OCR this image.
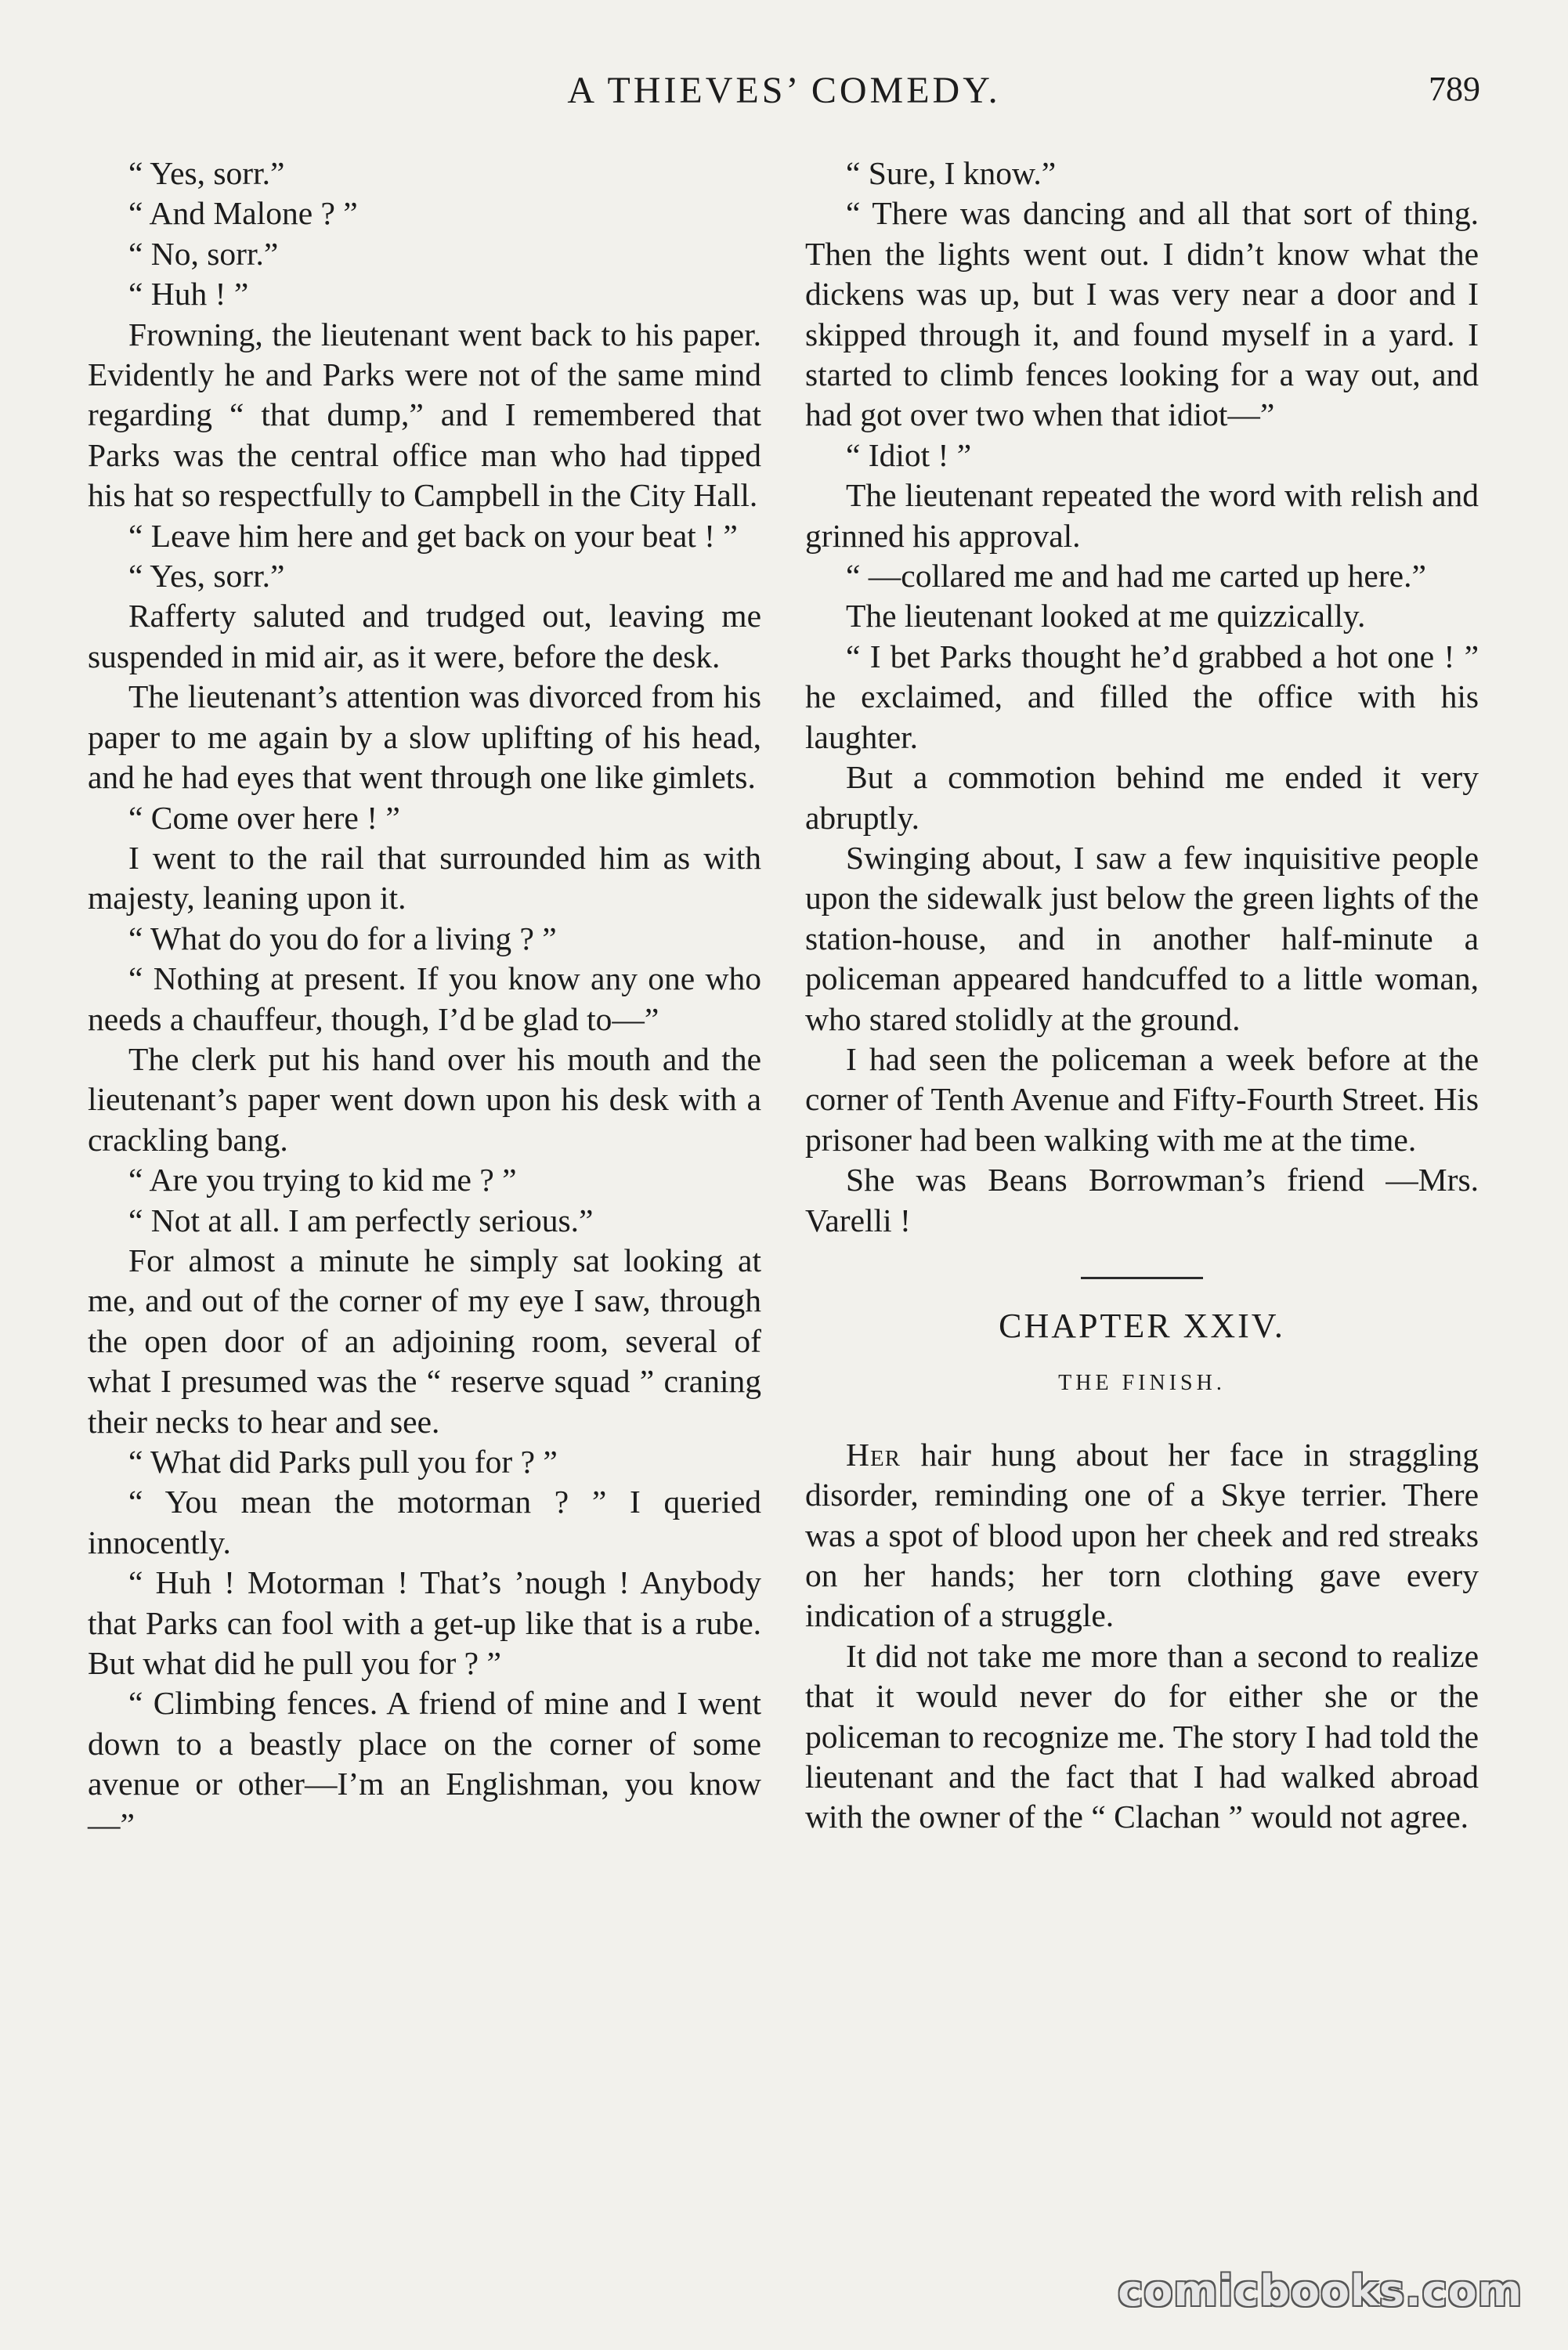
A THIEVES’ COMEDY.	789

“ Yes, sorr.”

“ And Malone ? ”

“ No, sorr.”

“ Huh ! ”

Frowning, the lieutenant went back to his paper. Evidently he and Parks were not of the same mind regarding “ that dump,” and I remembered that Parks was the central office man who had tipped his hat so respectfully to Campbell in the City Hall.

“ Leave him here and get back on your beat ! ”

“ Yes, sorr.”

Rafferty saluted and trudged out, leaving me suspended in mid air, as it were, before the desk.

The lieutenant’s attention was divorced from his paper to me again by a slow uplifting of his head, and he had eyes that went through one like gimlets.

“ Come over here ! ”

I went to the rail that surrounded him as with majesty, leaning upon it.

“ What do you do for a living ? ”

“ Nothing at present. If you know any one who needs a chauffeur, though, I’d be glad to—”

The clerk put his hand over his mouth and the lieutenant’s paper went down upon his desk with a crackling bang.

“ Are you trying to kid me ? ”

“ Not at all. I am perfectly serious.”

For almost a minute he simply sat looking at me, and out of the corner of my eye I saw, through the open door of an adjoining room, several of what I presumed was the “ reserve squad ” craning their necks to hear and see.

“ What did Parks pull you for ? ”

“ You mean the motorman ? ” I queried innocently.

“ Huh ! Motorman ! That’s ’nough ! Anybody that Parks can fool with a get-up like that is a rube. But what did he pull you for ? ”

“ Climbing fences. A friend of mine and I went down to a beastly place on the corner of some avenue or other—I’m an Englishman, you know—”

“ Sure, I know.”

“ There was dancing and all that sort of thing. Then the lights went out. I didn’t know what the dickens was up, but I was very near a door and I skipped through it, and found myself in a yard. I started to climb fences looking for a way out, and had got over two when that idiot—”

“ Idiot ! ”

The lieutenant repeated the word with relish and grinned his approval.

“ —collared me and had me carted up here.”

The lieutenant looked at me quizzically.

“ I bet Parks thought he’d grabbed a hot one ! ” he exclaimed, and filled the office with his laughter.

But a commotion behind me ended it very abruptly.

Swinging about, I saw a few inquisitive people upon the sidewalk just below the green lights of the station-house, and in another half-minute a policeman appeared handcuffed to a little woman, who stared stolidly at the ground.

I had seen the policeman a week before at the corner of Tenth Avenue and Fifty-Fourth Street. His prisoner had been walking with me at the time.

She was Beans Borrowman’s friend —Mrs. Varelli !

CHAPTER XXIV.
THE FINISH.

Her hair hung about her face in straggling disorder, reminding one of a Skye terrier. There was a spot of blood upon her cheek and red streaks on her hands; her torn clothing gave every indication of a struggle.

It did not take me more than a second to realize that it would never do for either she or the policeman to recognize me. The story I had told the lieutenant and the fact that I had walked abroad with the owner of the “ Clachan ” would not agree.

comicbooks.com
